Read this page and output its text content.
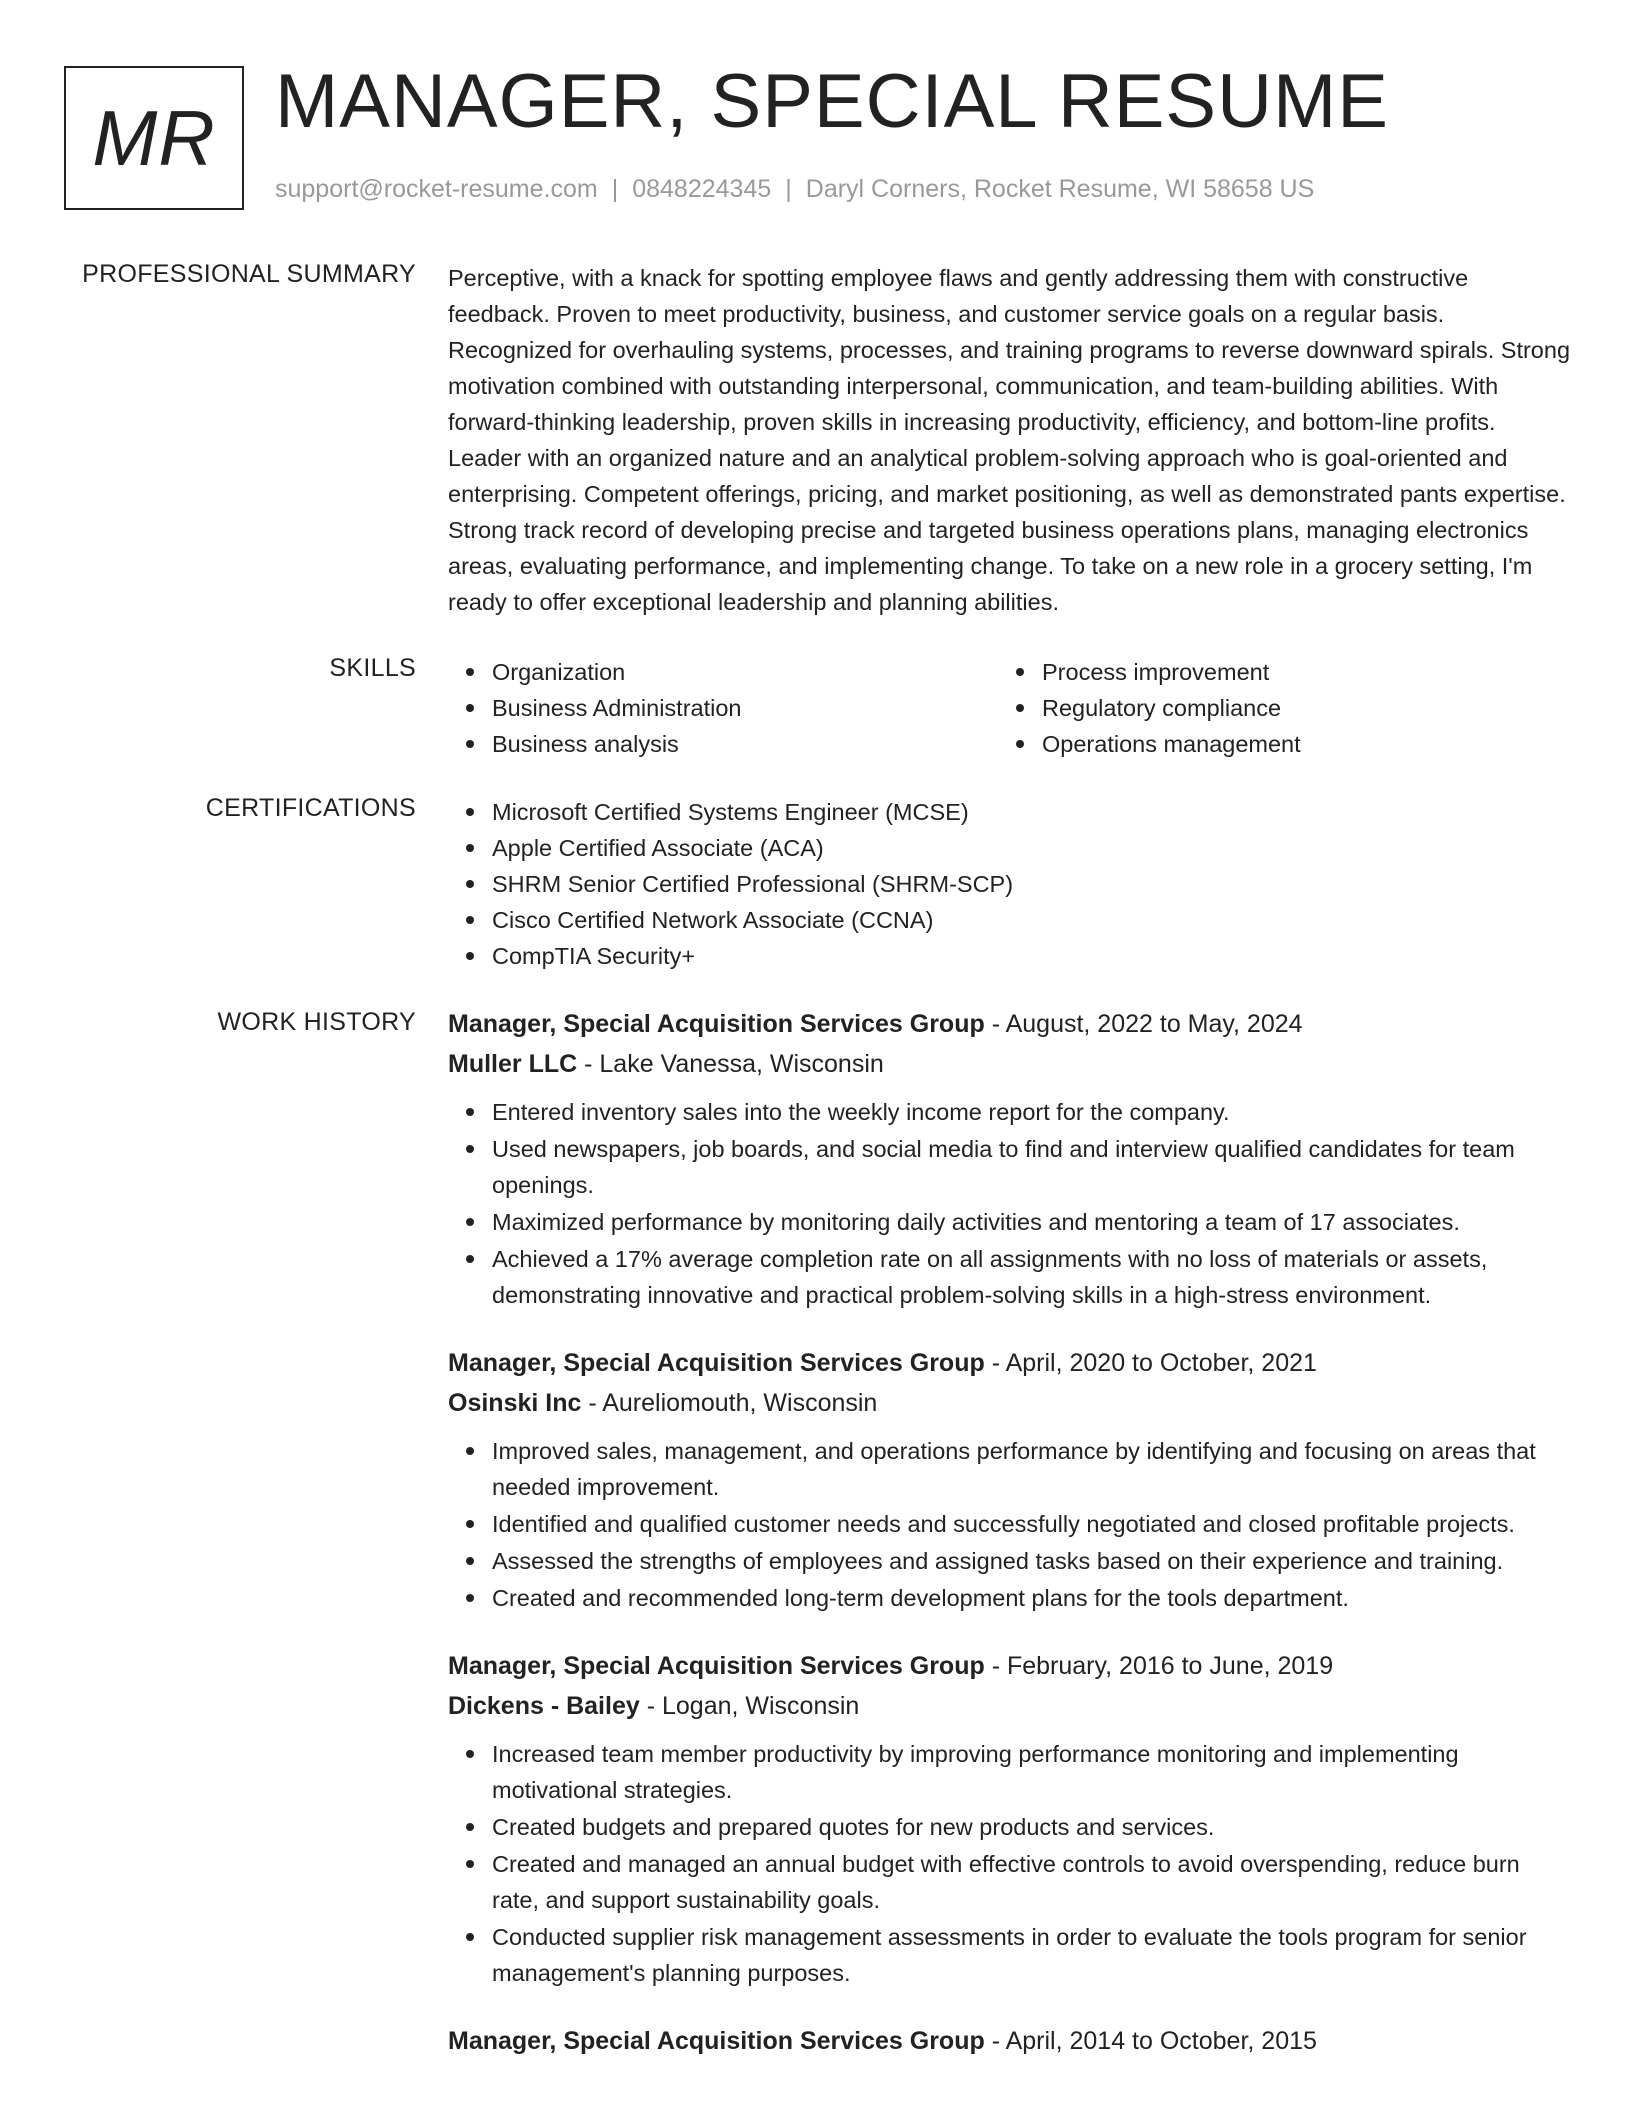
MR MANAGER, SPECIAL RESUME
support@rocket-resume.com | 0848224345 | Daryl Corners, Rocket Resume, WI 58658 US
PROFESSIONAL SUMMARY Perceptive, with a knack for spotting employee flaws and gently addressing them with constructive feedback. Proven to meet productivity, business, and customer service goals on a regular basis. Recognized for overhauling systems, processes, and training programs to reverse downward spirals. Strong motivation combined with outstanding interpersonal, communication, and team-building abilities. With forward-thinking leadership, proven skills in increasing productivity, efficiency, and bottom-line profits. Leader with an organized nature and an analytical problem-solving approach who is goal-oriented and enterprising. Competent offerings, pricing, and market positioning, as well as demonstrated pants expertise. Strong track record of developing precise and targeted business operations plans, managing electronics areas, evaluating performance, and implementing change. To take on a new role in a grocery setting, I'm ready to offer exceptional leadership and planning abilities.
SKILLS	Organization
Business Administration
Business analysis
Process improvement
Regulatory compliance
Operations management
CERTIFICATIONS	Microsoft Certified Systems Engineer (MCSE)
Apple Certified Associate (ACA)
SHRM Senior Certified Professional (SHRM-SCP)
Cisco Certified Network Associate (CCNA)
CompTIA Security+
WORK HISTORY Manager, Special Acquisition Services Group - August, 2022 to May, 2024
Muller LLC - Lake Vanessa, Wisconsin
Entered inventory sales into the weekly income report for the company.
Used newspapers, job boards, and social media to find and interview qualified candidates for team openings.
Maximized performance by monitoring daily activities and mentoring a team of 17 associates.
Achieved a 17% average completion rate on all assignments with no loss of materials or assets, demonstrating innovative and practical problem-solving skills in a high-stress environment.
Manager, Special Acquisition Services Group - April, 2020 to October, 2021
Osinski Inc - Aureliomouth, Wisconsin
Improved sales, management, and operations performance by identifying and focusing on areas that needed improvement.
Identified and qualified customer needs and successfully negotiated and closed profitable projects.
Assessed the strengths of employees and assigned tasks based on their experience and training.
Created and recommended long-term development plans for the tools department.
Manager, Special Acquisition Services Group - February, 2016 to June, 2019
Dickens - Bailey - Logan, Wisconsin
Increased team member productivity by improving performance monitoring and implementing motivational strategies.
Created budgets and prepared quotes for new products and services.
Created and managed an annual budget with effective controls to avoid overspending, reduce burn rate, and support sustainability goals.
Conducted supplier risk management assessments in order to evaluate the tools program for senior management's planning purposes.
Manager, Special Acquisition Services Group - April, 2014 to October, 2015
